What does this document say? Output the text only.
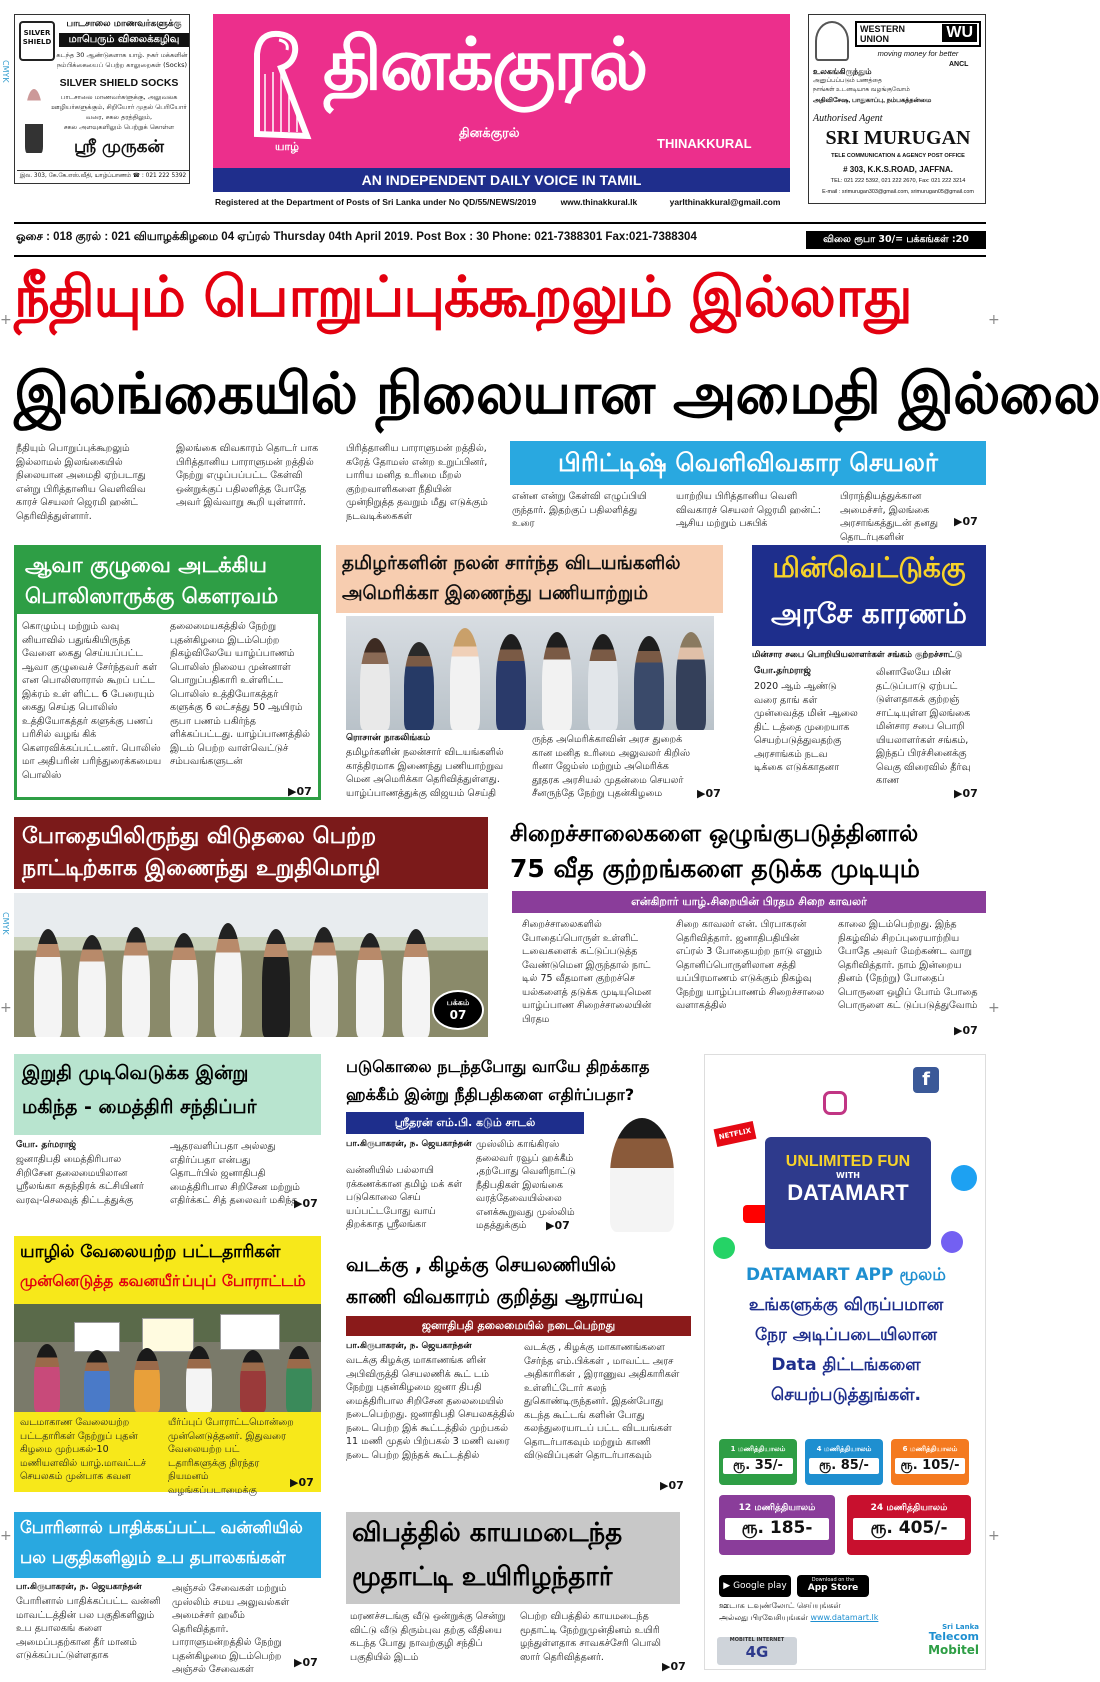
SILVER SHIELD
பாடசாலை மாணவர்களுக்கு
மாபெரும் விலைக்கழிவு
கடந்த 30 ஆண்டுகளாக யாழ். நகர் மக்களின்
நம்பிக்கையைப் பெற்ற காலுறைகள் (Socks)
SILVER SHIELD SOCKS
பாடசாலை மாணவர்களுக்கு, அலுவலக
ஊழியர்களுக்கும், சிறியோர் முதல் பெரியோர்
வரை, சகல தரத்திலும்,
சகல அளவுகளிலும் பெற்றுக் கொள்ள
ஸ்ரீ முருகன்
இல. 303, கே.கே.எஸ்.வீதி, யாழ்ப்பாணம் ☎ : 021 222 5392
யாழ்
தினக்குரல்
தினக்குரல்
THINAKKURAL
AN INDEPENDENT DAILY VOICE IN TAMIL
Registered at the Department of Posts of Sri Lanka under No QD/55/NEWS/2019	www.thinakkural.lk	yarlthinakkural@gmail.com
WESTERN UNION	WU
moving money for better
ANCL
உலகங்கிருந்தும்
அனுப்பப்படும் பணத்தை
நாங்கள் உடனடியாக வழங்குவோம்
அதிவிசேஷ, பாதுகாப்பு, நம்பகத்தன்மை
Authorised Agent
SRI MURUGAN
TELE COMMUNICATION & AGENCY POST OFFICE
# 303, K.K.S.ROAD, JAFFNA.
TEL: 021 222 5392, 021 222 2670, Fax: 021 222 3214
E-mail : srimurugan303@gmail.com, srimurugan05@gmail.com
ஓசை : 018 குரல் : 021 வியாழக்கிழமை 04 ஏப்ரல் Thursday 04th April 2019. Post Box : 30 Phone: 021-7388301 Fax:021-7388304	விலை ரூபா 30/= பக்கங்கள் :20
நீதியும் பொறுப்புக்கூறலும் இல்லாது
இலங்கையில் நிலையான அமைதி இல்லை
நீதியும் பொறுப்புக்கூறலும் இல்லாமல் இலங்கையில் நிலையான அமைதி ஏற்படாது என்று பிரித்தானிய வெளிவிவ காரச் செயலர் ஜெரமி ஹன்ட் தெரிவித்துள்ளார்.
இலங்கை விவகாரம் தொடர் பாக பிரித்தானிய பாராளுமன் றத்தில் நேற்று எழுப்பப்பட்ட கேள்வி ஒன்றுக்குப் பதிலளித்த போதே அவர் இவ்வாறு கூறி யுள்ளார்.
பிரித்தானிய பாராளுமன் றத்தில், கரேத் தோமஸ் என்ற உறுப்பினர், பாரிய மனித உரிமை மீறல் குற்றவாளிகளை நீதியின் முன்நிறுத்த தவறும் மீது எடுக்கும் நடவடிக்கைகள்
பிரிட்டிஷ் வெளிவிவகார செயலர்
என்ன என்று கேள்வி எழுப்பியி ருந்தார். இதற்குப் பதிலளித்து உரை
யாற்றிய பிரித்தானிய வெளி விவகாரச் செயலர் ஜெரமி ஹன்ட்: ஆசிய மற்றும் பசுபிக்
பிராந்தியத்துக்கான அமைச்சர், இலங்கை அரசாங்கத்துடன் தனது தொடர்புகளின்
▶07
ஆவா குழுவை அடக்கிய பொலிஸாருக்கு கௌரவம்
கொழும்பு மற்றும் வவு னியாவில் பதுங்கியிருந்த வேளை கைது செய்யப்பட்ட ஆவா குழுவைச் சேர்ந்தவர் கள் என பொலிஸாரால் கூறப் பட்ட இக்ரம் உள் ளிட்ட 6 பேரையும் கைது செய்த பொலிஸ் உத்தியோகத்தர் களுக்கு பணப் பரிசில் வழங் கிக் கௌரவிக்கப்பட்டனர். பொலிஸ் மா அதிபரின் பரிந்துரைக்கமைய பொலிஸ்
தலைமையகத்தில் நேற்று புதன்கிழமை இடம்பெற்ற நிகழ்விலேயே யாழ்ப்பாணம் பொலிஸ் நிலைய முன்னாள் பொறுப்பதிகாரி உள்ளிட்ட பொலிஸ் உத்தியோகத்தர் களுக்கு 6 லட்சத்து 50 ஆயிரம் ரூபா பணம் பகிர்ந்த ளிக்கப்பட்டது. யாழ்ப்பாணத்தில் இடம் பெற்ற வாள்வெட்டுச் சம்பவங்களுடன்
▶07
தமிழர்களின் நலன் சார்ந்த விடயங்களில் அமெரிக்கா இணைந்து பணியாற்றும்
ரொசான் நாகலிங்கம்
தமிழர்களின் நலன்சார் விடயங்களில் காத்திரமாக இணைந்து பணியாற்றுவ மென அமெரிக்கா தெரிவித்துள்ளது. யாழ்ப்பாணத்துக்கு விஜயம் செய்தி
ருந்த அமெரிக்காவின் அரச துறைக் கான மனித உரிமை அலுவலர் கிறிஸ் ரினா ஜேம்ஸ் மற்றும் அமெரிக்க தூதரக அரசியல் முதன்மை செயலர் சீனருந்தே நேற்று புதன்கிழமை	▶07
மின்வெட்டுக்கு
அரசே காரணம்
மின்சார சபை பொறியியலாளர்கள் சங்கம் குற்றச்சாட்டு
யோ.தர்மராஜ்
2020 ஆம் ஆண்டு வரை தாங் கள் முன்வைத்த மின் ஆலை திட் டத்தை முறையாக செயற்படுத்துவதற்கு அரசாங்கம் நடவ டிக்கை எடுக்காதனா
லினாலேயே மின் தட்டுப்பாடு ஏற்பட் டுள்ளதாகக் குற்றஞ் சாட்டியுள்ள இலங்கை மின்சார சபை பொறி யியலாளர்கள் சங்கம், இந்தப் பிரச்சினைக்கு வெகு விரைவில் தீர்வு காண
▶07
போதையிலிருந்து விடுதலை பெற்ற நாட்டிற்காக இணைந்து உறுதிமொழி
பக்கம்
07
சிறைச்சாலைகளை ஒழுங்குபடுத்தினால்
75 வீத குற்றங்களை தடுக்க முடியும்
என்கிறார் யாழ்.சிறையின் பிரதம சிறை காவலர்
சிறைச்சாலைகளில் போதைப்பொருள் உள்ளிட் டவைகளைக் கட்டுப்படுத்த வேண்டுமென இருந்தால் நாட் டில் 75 வீதமான குற்றச்செ யல்களைத் தடுக்க முடியுமென யாழ்ப்பாண சிறைச்சாலையின் பிரதம
சிறை காவலர் என். பிரபாகரன் தெரிவித்தார். ஜனாதிபதியின் எப்ரல் 3 போதையற்ற நாடு எனும் தொனிப்பொருளிலான சத்தி யப்பிரமாணம் எடுக்கும் நிகழ்வு நேற்று யாழ்ப்பாணம் சிறைச்சாலை வளாகத்தில்
காலை இடம்பெற்றது. இந்த நிகழ்வில் சிறப்புரையாற்றிய போதே அவர் மேற்கண்ட வாறு தெரிவித்தார். நாம் இன்றைய தினம் (நேற்று) போதைப் பொருளை ஒழிப் போம் போதை பொருளை கட் டுப்படுத்துவோம்
▶07
இறுதி முடிவெடுக்க இன்று
மகிந்த - மைத்திரி சந்திப்பா்
யோ. தர்மராஜ்
ஜனாதிபதி மைத்திரிபால சிறிசேன தலைமையிலான ஸ்ரீலங்கா சுதந்திரக் கட்சியினர் வரவு-செலவுத் திட்டத்துக்கு
ஆதரவளிப்பதா அல்லது எதிர்ப்பதா என்பது தொடர்பில் ஜனாதிபதி மைத்திரிபால சிறிசேன மற்றும் எதிர்க்கட் சித் தலைவர் மகிந்த
▶07
படுகொலை நடந்தபோது வாயே திறக்காத
ஹக்கீம் இன்று நீதிபதிகளை எதிர்ப்பதா?
ஸ்ரீதரன் எம்.பி. கடும் சாடல்
பா.கிருபாகரன், ந. ஜெயகாந்தன்
வன்னியில் பல்லாயி ரக்கணக்கான தமிழ் மக் கள் படுகொலை செய் யப்பட்டபோது வாய் திறக்காத ஸ்ரீலங்கா
முஸ்லிம் காங்கிரஸ் தலைவர் ரவூப் ஹக்கீம் ,தற்போது வெளிநாட்டு நீதிபதிகள் இலங்கை வரத்தேவையில்லை எனக்கூறுவது முஸ்லிம் மதத்துக்கும்	▶07
யாழில் வேலையற்ற பட்டதாரிகள்
முன்னெடுத்த கவனயீா்ப்புப் போராட்டம்
வடமாகாண வேலையற்ற பட்டதாரிகள் நேற்றுப் புதன் கிழமை முற்பகல்-10 மணியளவில் யாழ்.மாவட்டச் செயலகம் முன்பாக கவன
யீர்ப்புப் போராட்டமொன்றை முன்னெடுத்தனர். இதுவரை வேலையற்ற பட் டதாரிகளுக்கு நிரந்தர நியமனம் வழங்கப்படாமைக்கு
▶07
வடக்கு , கிழக்கு செயலணியில்
காணி விவகாரம் குறித்து ஆராய்வு
ஜனாதிபதி தலைமையில் நடைபெற்றது
பா.கிருபாகரன், ந. ஜெயகாந்தன்
வடக்கு கிழக்கு மாகாணங்க ளின் அபிவிருத்தி செயலணிக் கூட் டம் நேற்று புதன்கிழமை ஜனா திபதி மைத்திரிபால சிறிசேன தலைமையில் நடைபெற்றது. ஜனாதிபதி செயலகத்தில் நடை பெற்ற இக் கூட்டத்தில் முற்பகல் 11 மணி முதல் பிற்பகல் 3 மணி வரை நடை பெற்ற இந்தக் கூட்டத்தில்
வடக்கு , கிழக்கு மாகாணங்களை சேர்ந்த எம்.பிக்கள் , மாவட்ட அரச அதிகாரிகள் , இராணுவ அதிகாரிகள் உள்ளிட்டோர் கலந் துகொண்டிருந்தனர். இதன்போது கடந்த கூட்டங் களின் போது கலந்துரையாடப் பட்ட விடயங்கள் தொடர்பாகவும் மற்றும் காணி விடுவிப்புகள் தொடர்பாகவும்
▶07
போரினால் பாதிக்கப்பட்ட வன்னியில்
பல பகுதிகளிலும் உப தபாலகங்கள்
பா.கிருபாகரன், ந. ஜெயகாந்தன்
போரினால் பாதிக்கப்பட்ட வன்னி மாவட்டத்தின் பல பகுதிகளிலும் உப தபாலகங் களை அமைப்பதற்கான தீர் மானம் எடுக்கப்பட்டுள்ளதாக
அஞ்சல் சேவைகள் மற்றும் முஸ்லிம் சமய அலுவல்கள் அமைச்சர் ஹலீம் தெரிவித்தார். பாராளுமன்றத்தில் நேற்று புதன்கிழமை இடம்பெற்ற அஞ்சல் சேவைகள்
▶07
விபத்தில் காயமடைந்த
மூதாட்டி உயிரிழந்தார்
மரணச்சடங்கு வீடு ஒன்றுக்கு சென்று விட்டு வீடு திரும்புவ தற்கு வீதியை கடந்த போது நாவற்குழி சந்திப் பகுதியில் இடம்
பெற்ற விபத்தில் காயமடைந்த மூதாட்டி நேற்றுமுன்தினம் உயிரி ழந்துள்ளதாக சாவகச்சேரி பொலி ஸார் தெரிவித்தனர்.
▶07
f
NETFLIX
UNLIMITED FUN
WITH
DATAMART
DATAMART APP மூலம்
உங்களுக்கு விருப்பமான
நேர அடிப்படையிலான
Data திட்டங்களை
செயற்படுத்துங்கள்.
1 மணித்தியாலம்
ரூ. 35/-
4 மணித்தியாலம்
ரூ. 85/-
6 மணித்தியாலம்
ரூ. 105/-
12 மணித்தியாலம்
ரூ. 185-
24 மணித்தியாலம்
ரூ. 405/-
▶ Google play
Download on the
App Store
ஊடாக டவுண்லோட் செய்யுங்கள்
அல்லது பிரவேசியுங்கள் www.datamart.lk
MOBITEL INTERNET
4G
Sri Lanka
Telecom
Mobitel
+	+
+	+
+	+
CMYK
CMYK
